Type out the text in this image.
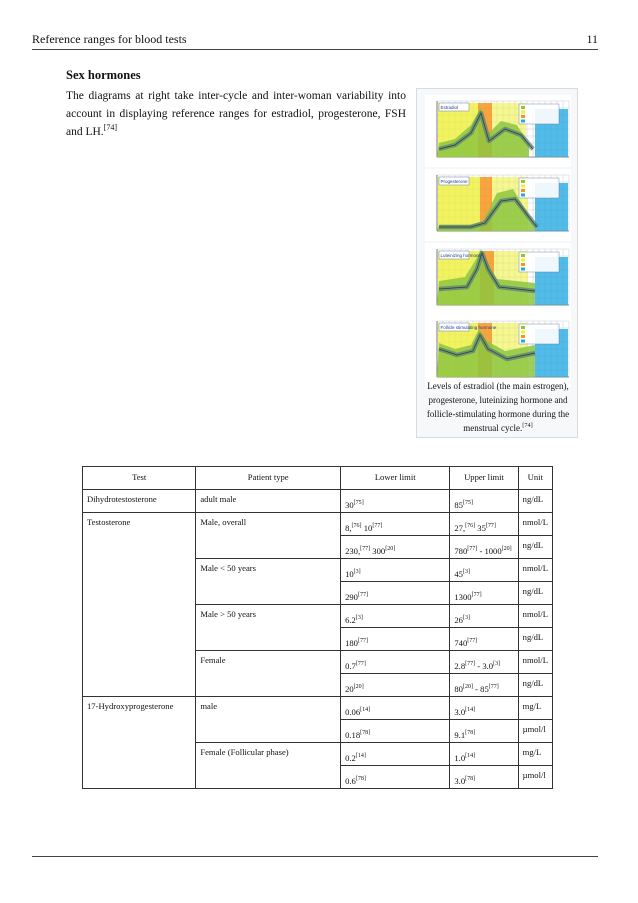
Reference ranges for blood tests	11
Sex hormones
The diagrams at right take inter-cycle and inter-woman variability into account in displaying reference ranges for estradiol, progesterone, FSH and LH.[74]
Estradiol
Progesterone
Luteinizing hormone
Follicle stimulating hormone
Levels of estradiol (the main estrogen), progesterone, luteinizing hormone and follicle-stimulating hormone during the menstrual cycle.[74]
Test	Patient type	Lower limit	Upper limit	Unit
Dihydrotestosterone	adult male	30[75]	85[75]	ng/dL
Testosterone	Male, overall	8,[76] 10[77]	27,[76] 35[77]	nmol/L
		230,[77] 300[20]	780[77] - 1000[20]	ng/dL
	Male < 50 years	10[3]	45[3]	nmol/L
		290[77]	1300[77]	ng/dL
	Male > 50 years	6.2[3]	26[3]	nmol/L
		180[77]	740[77]	ng/dL
	Female	0.7[77]	2.8[77] - 3.0[3]	nmol/L
		20[20]	80[20] - 85[77]	ng/dL
17-Hydroxyprogesterone	male	0.06[14]	3.0[14]	mg/L
		0.18[78]	9.1[78]	µmol/l
	Female (Follicular phase)	0.2[14]	1.0[14]	mg/L
		0.6[78]	3.0[78]	µmol/l
